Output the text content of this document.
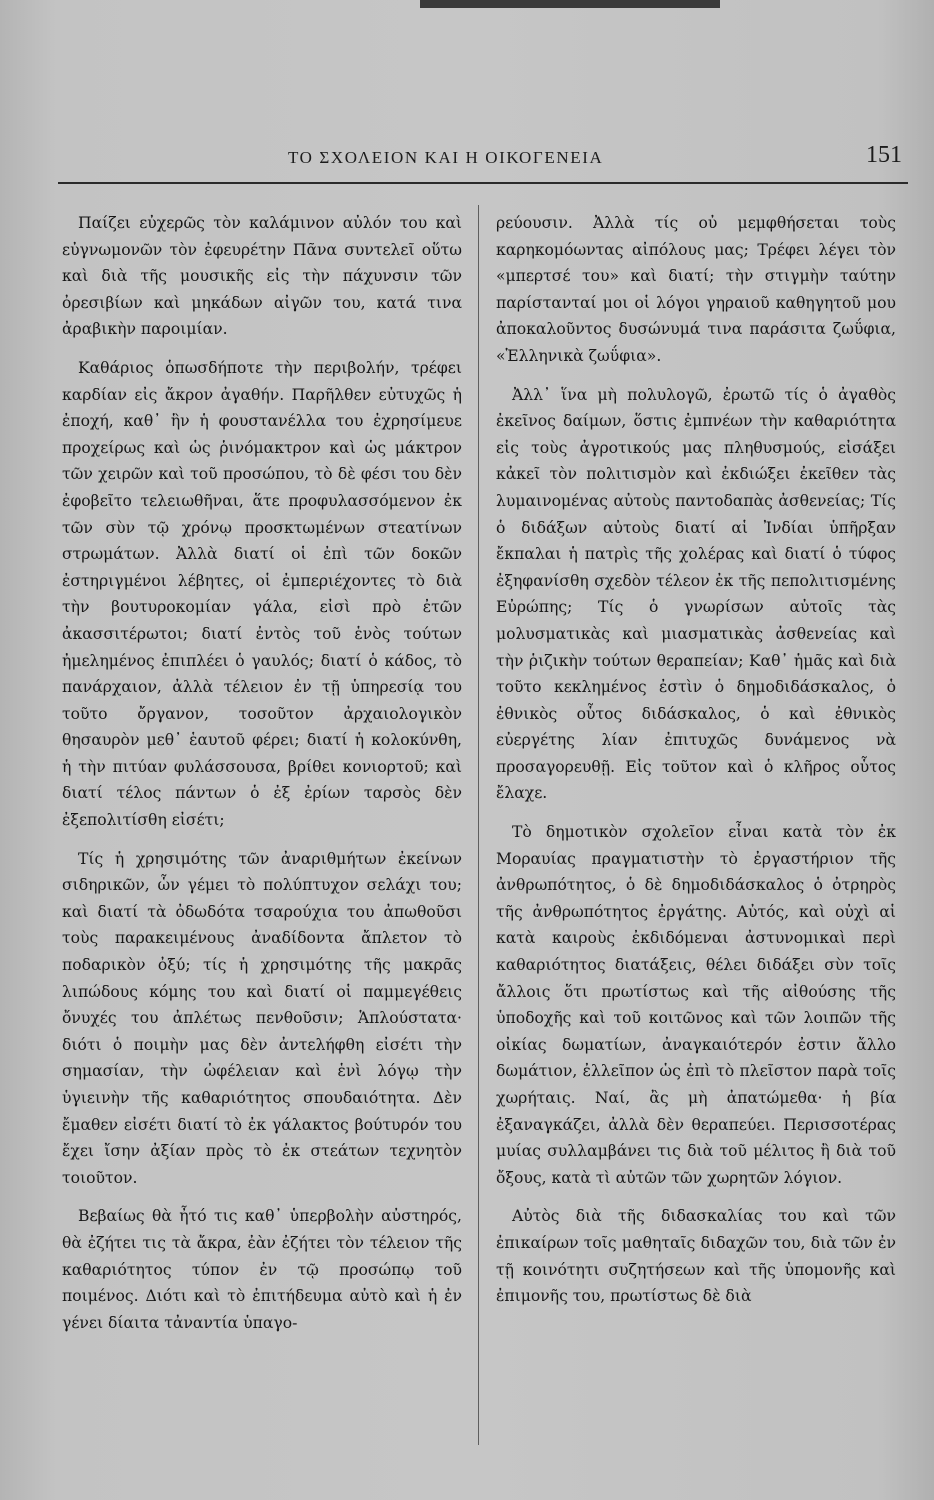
ΤΟ ΣΧΟΛΕΙΟΝ ΚΑΙ Η ΟΙΚΟΓΕΝΕΙΑ	151

Παίζει εὐχερῶς τὸν καλάμινον αὐλόν του καὶ εὐγνωμονῶν τὸν ἐφευρέτην Πᾶνα συντελεῖ οὕτω καὶ διὰ τῆς μουσικῆς εἰς τὴν πάχυνσιν τῶν ὀρεσιβίων καὶ μηκάδων αἰγῶν του, κατά τινα ἀραβικὴν παροιμίαν.

Καθάριος ὁπωσδήποτε τὴν περιβολήν, τρέφει καρδίαν εἰς ἄκρον ἀγαθήν. Παρῆλθεν εὐτυχῶς ἡ ἐποχή, καθ᾽ ἣν ἡ φουστανέλλα του ἐχρησίμευε προχείρως καὶ ὡς ῥινόμακτρον καὶ ὡς μάκτρον τῶν χειρῶν καὶ τοῦ προσώπου, τὸ δὲ φέσι του δὲν ἐφοβεῖτο τελειωθῆναι, ἅτε προφυλασσόμενον ἐκ τῶν σὺν τῷ χρόνῳ προσκτωμένων στεατίνων στρωμάτων. Ἀλλὰ διατί οἱ ἐπὶ τῶν δοκῶν ἐστηριγμένοι λέβητες, οἱ ἐμπεριέχοντες τὸ διὰ τὴν βουτυροκομίαν γάλα, εἰσὶ πρὸ ἐτῶν ἀκασσιτέρωτοι; διατί ἐντὸς τοῦ ἑνὸς τούτων ἠμελημένος ἐπιπλέει ὁ γαυλός; διατί ὁ κάδος, τὸ πανάρχαιον, ἀλλὰ τέλειον ἐν τῇ ὑπηρεσίᾳ του τοῦτο ὄργανον, τοσοῦτον ἀρχαιολογικὸν θησαυρὸν μεθ᾽ ἑαυτοῦ φέρει; διατί ἡ κολοκύνθη, ἡ τὴν πιτύαν φυλάσσουσα, βρίθει κονιορτοῦ; καὶ διατί τέλος πάντων ὁ ἐξ ἐρίων ταρσὸς δὲν ἐξεπολιτίσθη εἰσέτι;

Τίς ἡ χρησιμότης τῶν ἀναριθμήτων ἐκείνων σιδηρικῶν, ὧν γέμει τὸ πολύπτυχον σελάχι του; καὶ διατί τὰ ὀδωδότα τσαρούχια του ἀπωθοῦσι τοὺς παρακειμένους ἀναδίδοντα ἄπλετον τὸ ποδαρικὸν ὀξύ; τίς ἡ χρησιμότης τῆς μακρᾶς λιπώδους κόμης του καὶ διατί οἱ παμμεγέθεις ὄνυχές του ἀπλέτως πενθοῦσιν; Ἁπλούστατα· διότι ὁ ποιμὴν μας δὲν ἀντελήφθη εἰσέτι τὴν σημασίαν, τὴν ὠφέλειαν καὶ ἑνὶ λόγῳ τὴν ὑγιεινὴν τῆς καθαριότητος σπουδαιότητα. Δὲν ἔμαθεν εἰσέτι διατί τὸ ἐκ γάλακτος βούτυρόν του ἔχει ἴσην ἀξίαν πρὸς τὸ ἐκ στεάτων τεχνητὸν τοιοῦτον.

Βεβαίως θὰ ἦτό τις καθ᾽ ὑπερβολὴν αὐστηρός, θὰ ἐζήτει τις τὰ ἄκρα, ἐὰν ἐζήτει τὸν τέλειον τῆς καθαριότητος τύπον ἐν τῷ προσώπῳ τοῦ ποιμένος. Διότι καὶ τὸ ἐπιτήδευμα αὐτὸ καὶ ἡ ἐν γένει δίαιτα τἀναντία ὑπαγο-

ρεύουσιν. Ἀλλὰ τίς οὐ μεμφθήσεται τοὺς καρηκομόωντας αἰπόλους μας; Τρέφει λέγει τὸν «μπερτσέ του» καὶ διατί; τὴν στιγμὴν ταύτην παρίστανταί μοι οἱ λόγοι γηραιοῦ καθηγητοῦ μου ἀποκαλοῦντος δυσώνυμά τινα παράσιτα ζωΰφια, «Ἑλληνικὰ ζωΰφια».

Ἀλλ᾽ ἵνα μὴ πολυλογῶ, ἐρωτῶ τίς ὁ ἀγαθὸς ἐκεῖνος δαίμων, ὅστις ἐμπνέων τὴν καθαριότητα εἰς τοὺς ἀγροτικούς μας πληθυσμούς, εἰσάξει κἀκεῖ τὸν πολιτισμὸν καὶ ἐκδιώξει ἐκεῖθεν τὰς λυμαινομένας αὐτοὺς παντοδαπὰς ἀσθενείας; Τίς ὁ διδάξων αὐτοὺς διατί αἱ Ἰνδίαι ὑπῆρξαν ἔκπαλαι ἡ πατρὶς τῆς χολέρας καὶ διατί ὁ τύφος ἐξηφανίσθη σχεδὸν τέλεον ἐκ τῆς πεπολιτισμένης Εὐρώπης; Τίς ὁ γνωρίσων αὐτοῖς τὰς μολυσματικὰς καὶ μιασματικὰς ἀσθενείας καὶ τὴν ῥιζικὴν τούτων θεραπείαν; Καθ᾽ ἡμᾶς καὶ διὰ τοῦτο κεκλημένος ἐστὶν ὁ δημοδιδάσκαλος, ὁ ἐθνικὸς οὗτος διδάσκαλος, ὁ καὶ ἐθνικὸς εὐεργέτης λίαν ἐπιτυχῶς δυνάμενος νὰ προσαγορευθῇ. Εἰς τοῦτον καὶ ὁ κλῆρος οὗτος ἔλαχε.

Τὸ δημοτικὸν σχολεῖον εἶναι κατὰ τὸν ἐκ Μοραυίας πραγματιστὴν τὸ ἐργαστήριον τῆς ἀνθρωπότητος, ὁ δὲ δημοδιδάσκαλος ὁ ὀτρηρὸς τῆς ἀνθρωπότητος ἐργάτης. Αὐτός, καὶ οὐχὶ αἱ κατὰ καιροὺς ἐκδιδόμεναι ἀστυνομικαὶ περὶ καθαριότητος διατάξεις, θέλει διδάξει σὺν τοῖς ἄλλοις ὅτι πρωτίστως καὶ τῆς αἰθούσης τῆς ὑποδοχῆς καὶ τοῦ κοιτῶνος καὶ τῶν λοιπῶν τῆς οἰκίας δωματίων, ἀναγκαιότερόν ἐστιν ἄλλο δωμάτιον, ἐλλεῖπον ὡς ἐπὶ τὸ πλεῖστον παρὰ τοῖς χωρήταις. Ναί, ἂς μὴ ἀπατώμεθα· ἡ βία ἐξαναγκάζει, ἀλλὰ δὲν θεραπεύει. Περισσοτέρας μυίας συλλαμβάνει τις διὰ τοῦ μέλιτος ἢ διὰ τοῦ ὄξους, κατὰ τὶ αὐτῶν τῶν χωρητῶν λόγιον.

Αὐτὸς διὰ τῆς διδασκαλίας του καὶ τῶν ἐπικαίρων τοῖς μαθηταῖς διδαχῶν του, διὰ τῶν ἐν τῇ κοινότητι συζητήσεων καὶ τῆς ὑπομονῆς καὶ ἐπιμονῆς του, πρωτίστως δὲ διὰ
